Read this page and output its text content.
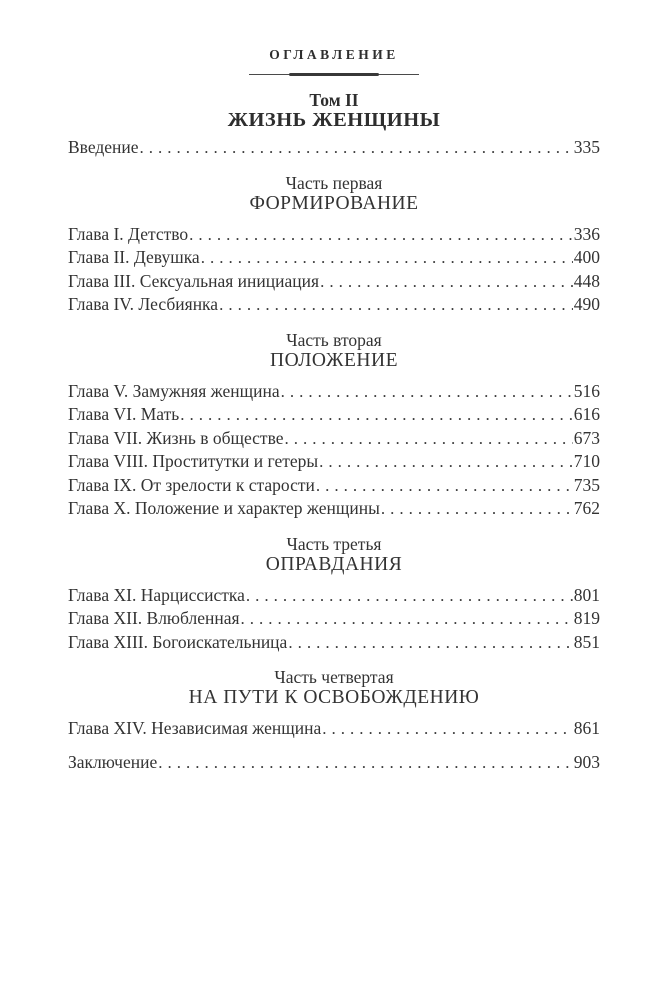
ОГЛАВЛЕНИЕ
Том II
ЖИЗНЬ ЖЕНЩИНЫ
Введение .....	335
Часть первая
ФОРМИРОВАНИЕ
Глава I. Детство .....	336
Глава II. Девушка .....	400
Глава III. Сексуальная инициация .....	448
Глава IV. Лесбиянка .....	490
Часть вторая
ПОЛОЖЕНИЕ
Глава V. Замужняя женщина .....	516
Глава VI. Мать .....	616
Глава VII. Жизнь в обществе .....	673
Глава VIII. Проститутки и гетеры .....	710
Глава IX. От зрелости к старости .....	735
Глава X. Положение и характер женщины .....	762
Часть третья
ОПРАВДАНИЯ
Глава XI. Нарциссистка .....	801
Глава XII. Влюбленная .....	819
Глава XIII. Богоискательница .....	851
Часть четвертая
НА ПУТИ К ОСВОБОЖДЕНИЮ
Глава XIV. Независимая женщина .....	861
Заключение .....	903
